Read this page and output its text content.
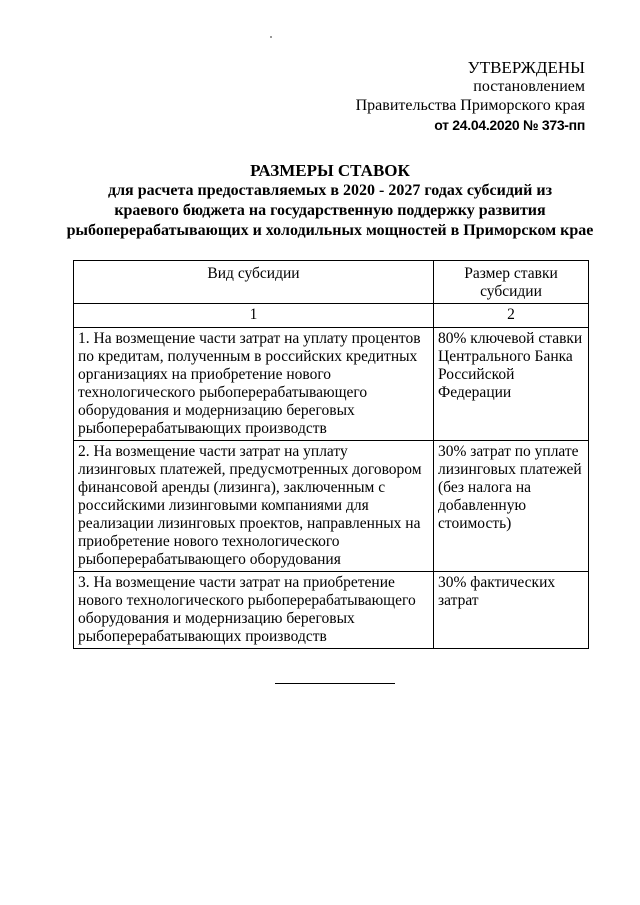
УТВЕРЖДЕНЫ
постановлением
Правительства Приморского края
от 24.04.2020 № 373-пп
РАЗМЕРЫ СТАВОК
для расчета предоставляемых в 2020 - 2027 годах субсидий из
краевого бюджета на государственную поддержку развития
рыбоперерабатывающих и холодильных мощностей в Приморском крае
Вид субсидии	Размер ставки субсидии
1	2
1. На возмещение части затрат на уплату процентов по кредитам, полученным в российских кредитных организациях на приобретение нового технологического рыбоперерабатывающего оборудования и модернизацию береговых рыбоперерабатывающих производств	80% ключевой ставки Центрального Банка Российской Федерации
2. На возмещение части затрат на уплату лизинговых платежей, предусмотренных договором финансовой аренды (лизинга), заключенным с российскими лизинговыми компаниями для реализации лизинговых проектов, направленных на приобретение нового технологического рыбоперерабатывающего оборудования	30% затрат по уплате лизинговых платежей (без налога на добавленную стоимость)
3. На возмещение части затрат на приобретение нового технологического рыбоперерабатывающего оборудования и модернизацию береговых рыбоперерабатывающих производств	30% фактических затрат
